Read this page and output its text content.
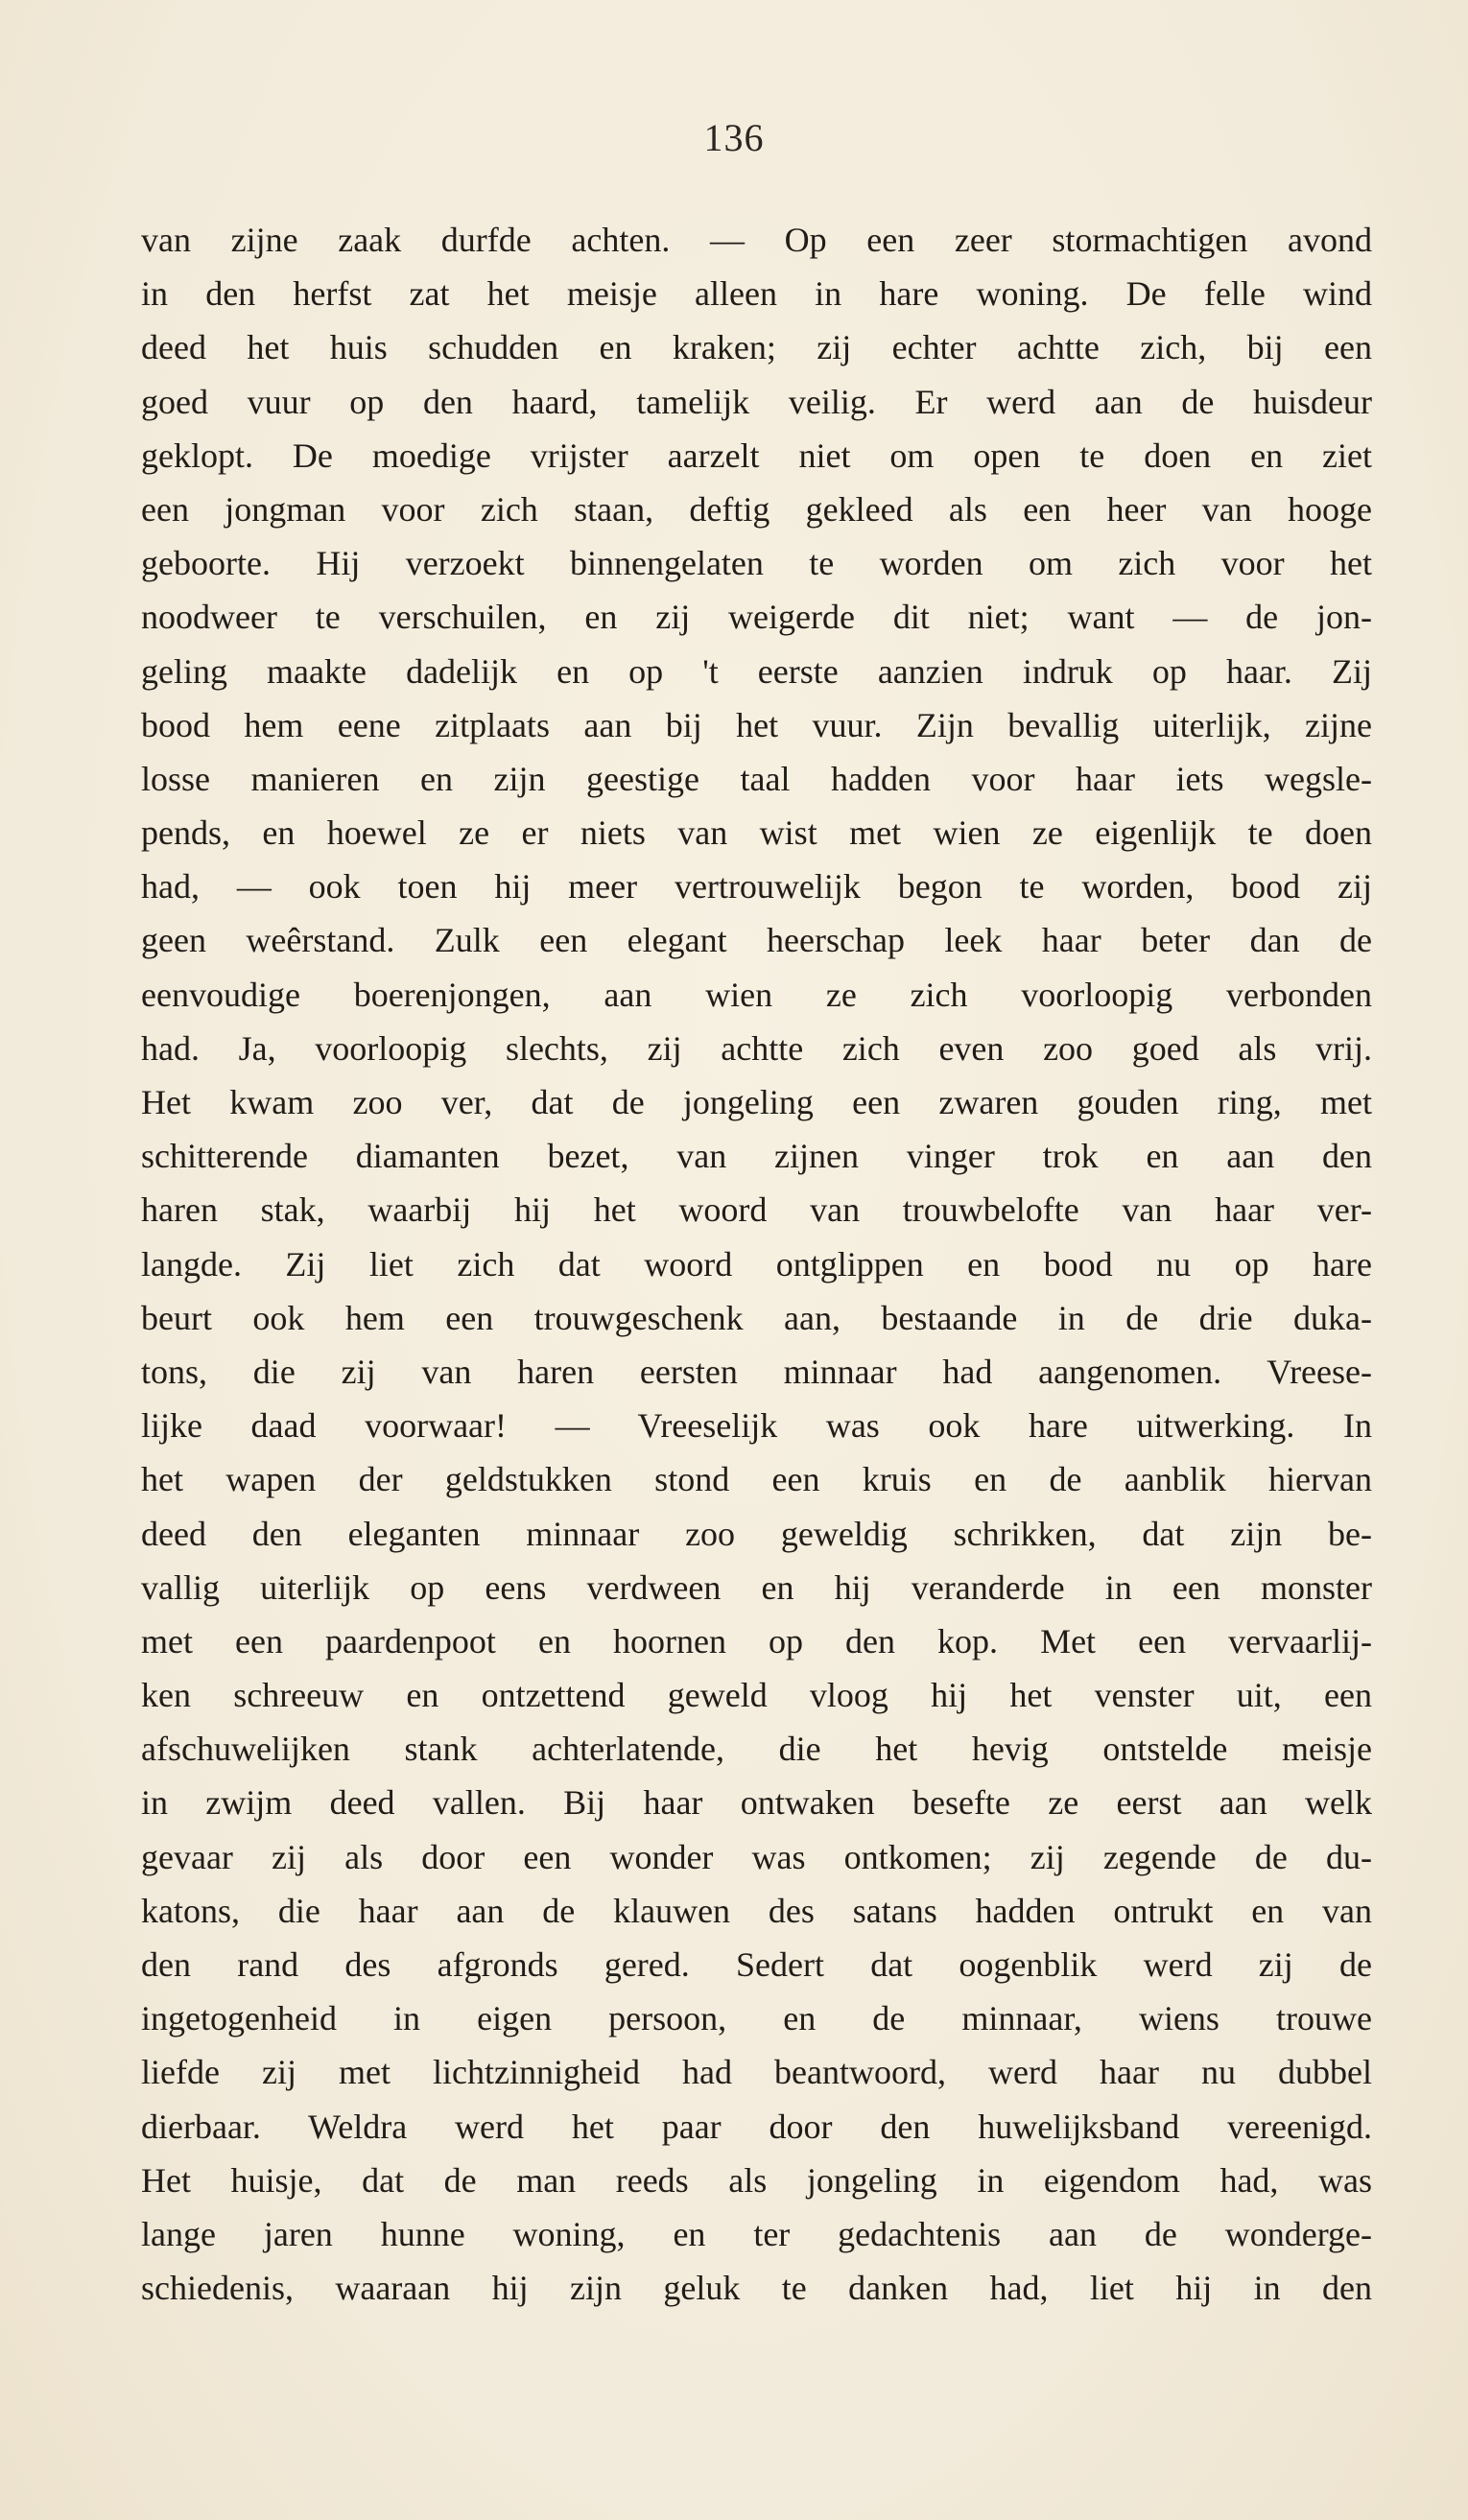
136
van zijne zaak durfde achten. — Op een zeer stormachtigen avond
in den herfst zat het meisje alleen in hare woning. De felle wind
deed het huis schudden en kraken; zij echter achtte zich, bij een
goed vuur op den haard, tamelijk veilig. Er werd aan de huisdeur
geklopt. De moedige vrijster aarzelt niet om open te doen en ziet
een jongman voor zich staan, deftig gekleed als een heer van hooge
geboorte. Hij verzoekt binnengelaten te worden om zich voor het
noodweer te verschuilen, en zij weigerde dit niet; want — de jon-
geling maakte dadelijk en op 't eerste aanzien indruk op haar. Zij
bood hem eene zitplaats aan bij het vuur. Zijn bevallig uiterlijk, zijne
losse manieren en zijn geestige taal hadden voor haar iets wegsle-
pends, en hoewel ze er niets van wist met wien ze eigenlijk te doen
had, — ook toen hij meer vertrouwelijk begon te worden, bood zij
geen weêrstand. Zulk een elegant heerschap leek haar beter dan de
eenvoudige boerenjongen, aan wien ze zich voorloopig verbonden
had. Ja, voorloopig slechts, zij achtte zich even zoo goed als vrij.
Het kwam zoo ver, dat de jongeling een zwaren gouden ring, met
schitterende diamanten bezet, van zijnen vinger trok en aan den
haren stak, waarbij hij het woord van trouwbelofte van haar ver-
langde. Zij liet zich dat woord ontglippen en bood nu op hare
beurt ook hem een trouwgeschenk aan, bestaande in de drie duka-
tons, die zij van haren eersten minnaar had aangenomen. Vreese-
lijke daad voorwaar! — Vreeselijk was ook hare uitwerking. In
het wapen der geldstukken stond een kruis en de aanblik hiervan
deed den eleganten minnaar zoo geweldig schrikken, dat zijn be-
vallig uiterlijk op eens verdween en hij veranderde in een monster
met een paardenpoot en hoornen op den kop. Met een vervaarlij-
ken schreeuw en ontzettend geweld vloog hij het venster uit, een
afschuwelijken stank achterlatende, die het hevig ontstelde meisje
in zwijm deed vallen. Bij haar ontwaken besefte ze eerst aan welk
gevaar zij als door een wonder was ontkomen; zij zegende de du-
katons, die haar aan de klauwen des satans hadden ontrukt en van
den rand des afgronds gered. Sedert dat oogenblik werd zij de
ingetogenheid in eigen persoon, en de minnaar, wiens trouwe
liefde zij met lichtzinnigheid had beantwoord, werd haar nu dubbel
dierbaar. Weldra werd het paar door den huwelijksband vereenigd.
Het huisje, dat de man reeds als jongeling in eigendom had, was
lange jaren hunne woning, en ter gedachtenis aan de wonderge-
schiedenis, waaraan hij zijn geluk te danken had, liet hij in den
